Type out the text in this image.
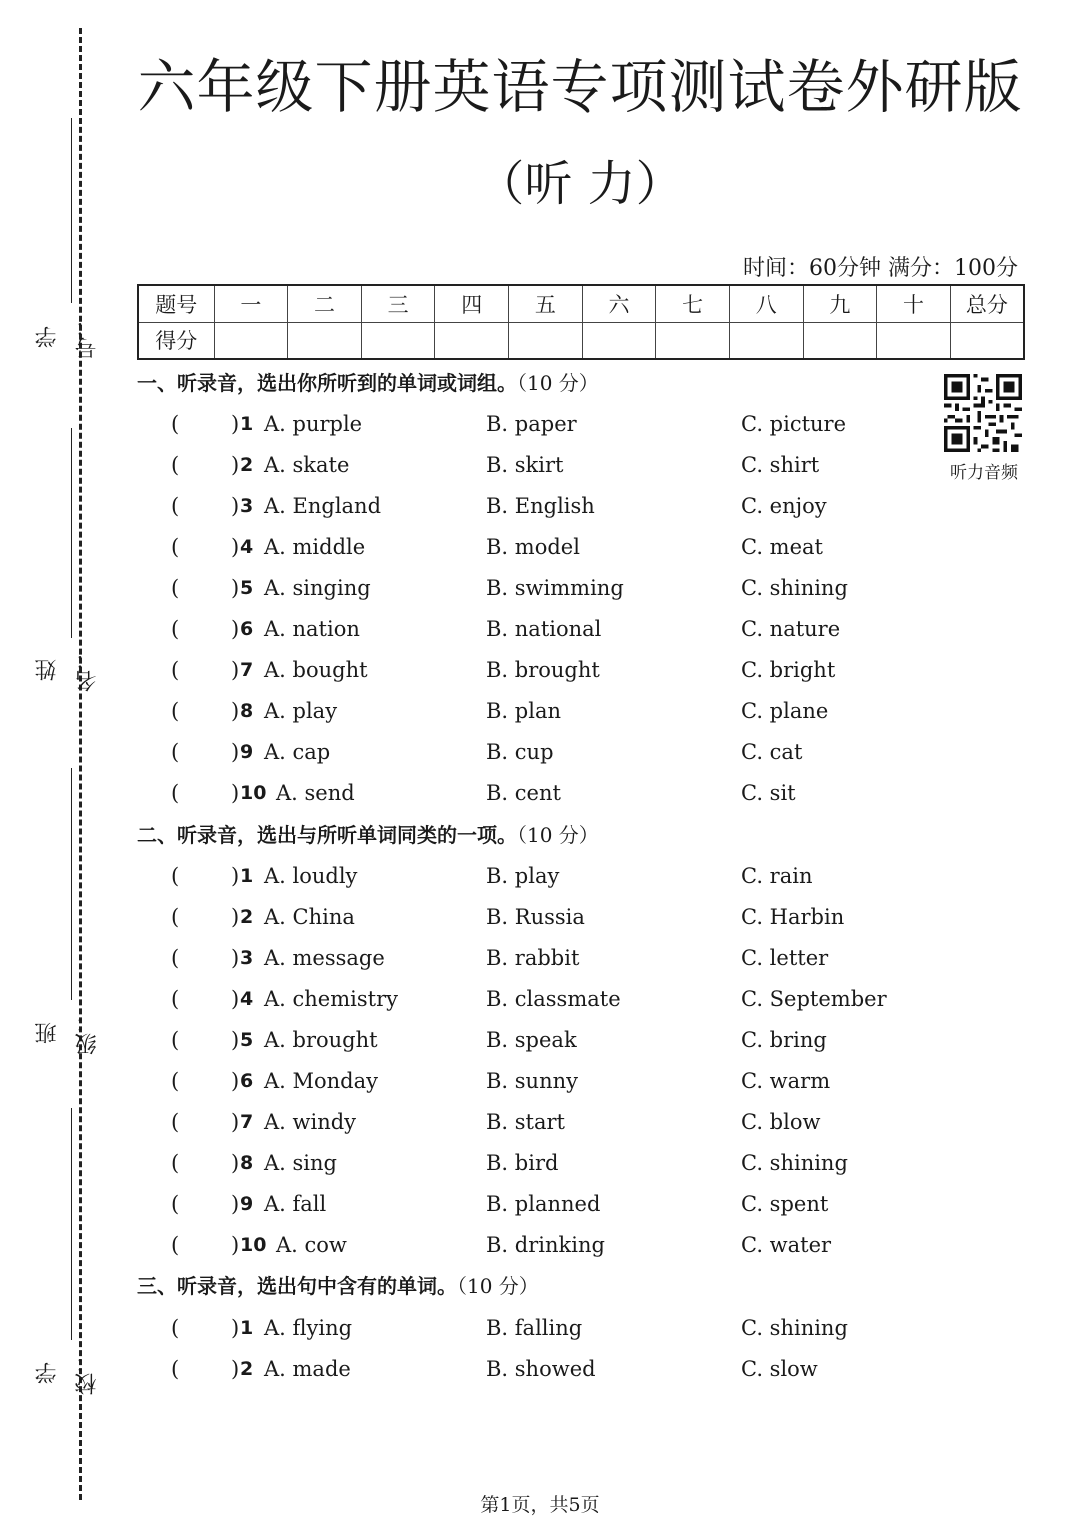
学号：
姓名：
班级：
学校：
六年级下册英语专项测试卷外研版
（听 力）
时间：60分钟 满分：100分
题号	一	二	三	四	五	六	七	八	九	十	总分
得分											
听力音频
一、听录音，选出你所听到的单词或词组。（10 分）
( ) 1 A. purple	B. paper	C. picture
( ) 2 A. skate	B. skirt	C. shirt
( ) 3 A. England	B. English	C. enjoy
( ) 4 A. middle	B. model	C. meat
( ) 5 A. singing	B. swimming	C. shining
( ) 6 A. nation	B. national	C. nature
( ) 7 A. bought	B. brought	C. bright
( ) 8 A. play	B. plan	C. plane
( ) 9 A. cap	B. cup	C. cat
( ) 10 A. send	B. cent	C. sit
二、听录音，选出与所听单词同类的一项。（10 分）
( ) 1 A. loudly	B. play	C. rain
( ) 2 A. China	B. Russia	C. Harbin
( ) 3 A. message	B. rabbit	C. letter
( ) 4 A. chemistry	B. classmate	C. September
( ) 5 A. brought	B. speak	C. bring
( ) 6 A. Monday	B. sunny	C. warm
( ) 7 A. windy	B. start	C. blow
( ) 8 A. sing	B. bird	C. shining
( ) 9 A. fall	B. planned	C. spent
( ) 10 A. cow	B. drinking	C. water
三、听录音，选出句中含有的单词。（10 分）
( ) 1 A. flying	B. falling	C. shining
( ) 2 A. made	B. showed	C. slow
第1页，共5页
